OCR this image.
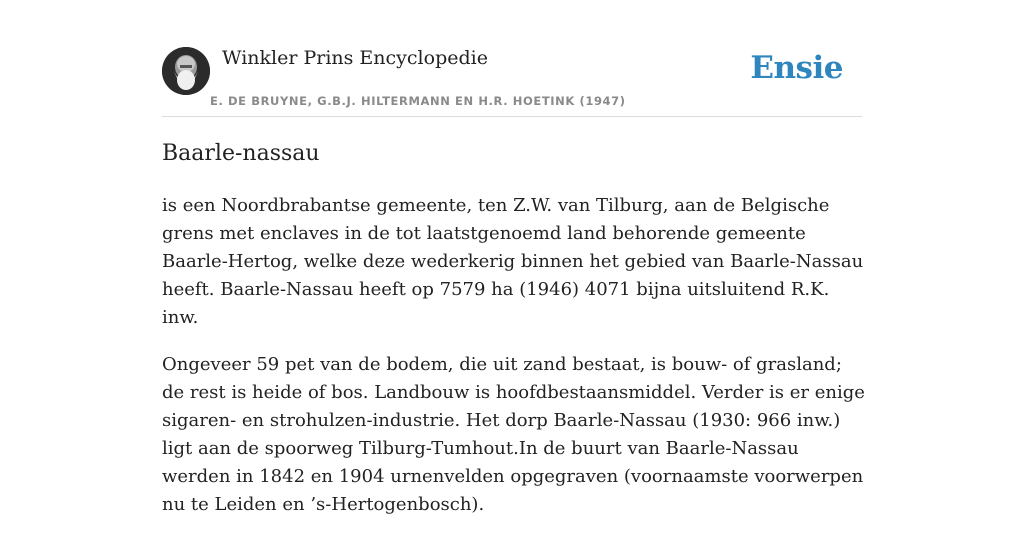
Winkler Prins Encyclopedie
E. DE BRUYNE, G.B.J. HILTERMANN EN H.R. HOETINK (1947)
Ensie
Baarle-nassau

is een Noordbrabantse gemeente, ten Z.W. van Tilburg, aan de Belgische grens met enclaves in de tot laatstgenoemd land behorende gemeente Baarle-Hertog, welke deze wederkerig binnen het gebied van Baarle-Nassau heeft. Baarle-Nassau heeft op 7579 ha (1946) 4071 bijna uitsluitend R.K. inw.

Ongeveer 59 pet van de bodem, die uit zand bestaat, is bouw- of grasland; de rest is heide of bos. Landbouw is hoofdbestaansmiddel. Verder is er enige sigaren- en strohulzen-industrie. Het dorp Baarle-Nassau (1930: 966 inw.) ligt aan de spoorweg Tilburg-Tumhout.In de buurt van Baarle-Nassau werden in 1842 en 1904 urnenvelden opgegraven (voornaamste voorwerpen nu te Leiden en ’s-Hertogenbosch).
